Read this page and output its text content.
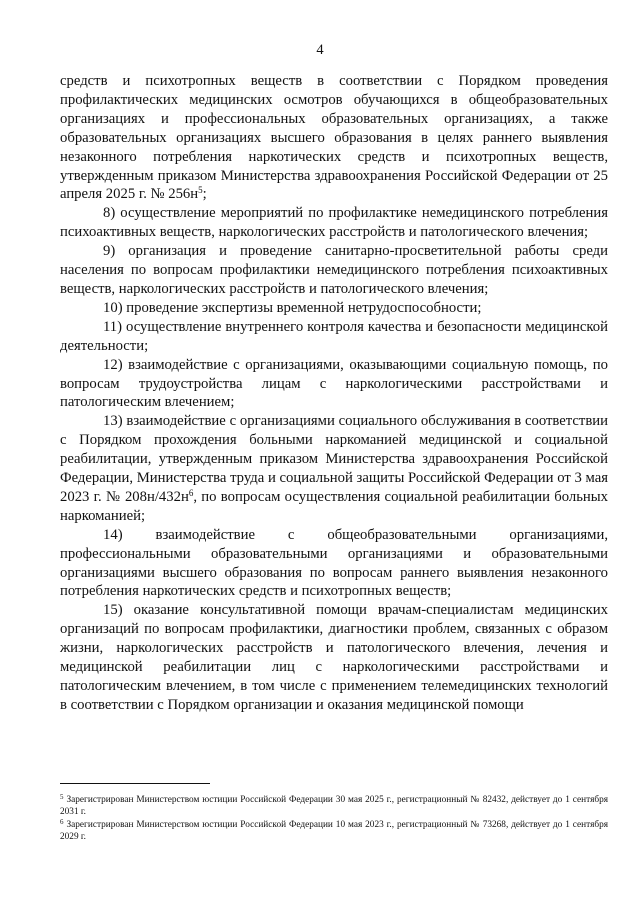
4

средств и психотропных веществ в соответствии с Порядком проведения профилактических медицинских осмотров обучающихся в общеобразовательных организациях и профессиональных образовательных организациях, а также образовательных организациях высшего образования в целях раннего выявления незаконного потребления наркотических средств и психотропных веществ, утвержденным приказом Министерства здравоохранения Российской Федерации от 25 апреля 2025 г. № $256н^5$;

8) осуществление мероприятий по профилактике немедицинского потребления психоактивных веществ, наркологических расстройств и патологического влечения;

9) организация и проведение санитарно-просветительной работы среди населения по вопросам профилактики немедицинского потребления психоактивных веществ, наркологических расстройств и патологического влечения;

10) проведение экспертизы временной нетрудоспособности;

11) осуществление внутреннего контроля качества и безопасности медицинской деятельности;

12) взаимодействие с организациями, оказывающими социальную помощь, по вопросам трудоустройства лицам с наркологическими расстройствами и патологическим влечением;

13) взаимодействие с организациями социального обслуживания в соответствии с Порядком прохождения больными наркоманией медицинской и социальной реабилитации, утвержденным приказом Министерства здравоохранения Российской Федерации, Министерства труда и социальной защиты Российской Федерации от 3 мая 2023 г. № $208н/432н^6$, по вопросам осуществления социальной реабилитации больных наркоманией;

14) взаимодействие с общеобразовательными организациями, профессиональными образовательными организациями и образовательными организациями высшего образования по вопросам раннего выявления незаконного потребления наркотических средств и психотропных веществ;

15) оказание консультативной помощи врачам-специалистам медицинских организаций по вопросам профилактики, диагностики проблем, связанных с образом жизни, наркологических расстройств и патологического влечения, лечения и медицинской реабилитации лиц с наркологическими расстройствами и патологическим влечением, в том числе с применением телемедицинских технологий в соответствии с Порядком организации и оказания медицинской помощи

$^5$ Зарегистрирован Министерством юстиции Российской Федерации 30 мая 2025 г., регистрационный № 82432, действует до 1 сентября 2031 г.

$^6$ Зарегистрирован Министерством юстиции Российской Федерации 10 мая 2023 г., регистрационный № 73268, действует до 1 сентября 2029 г.
